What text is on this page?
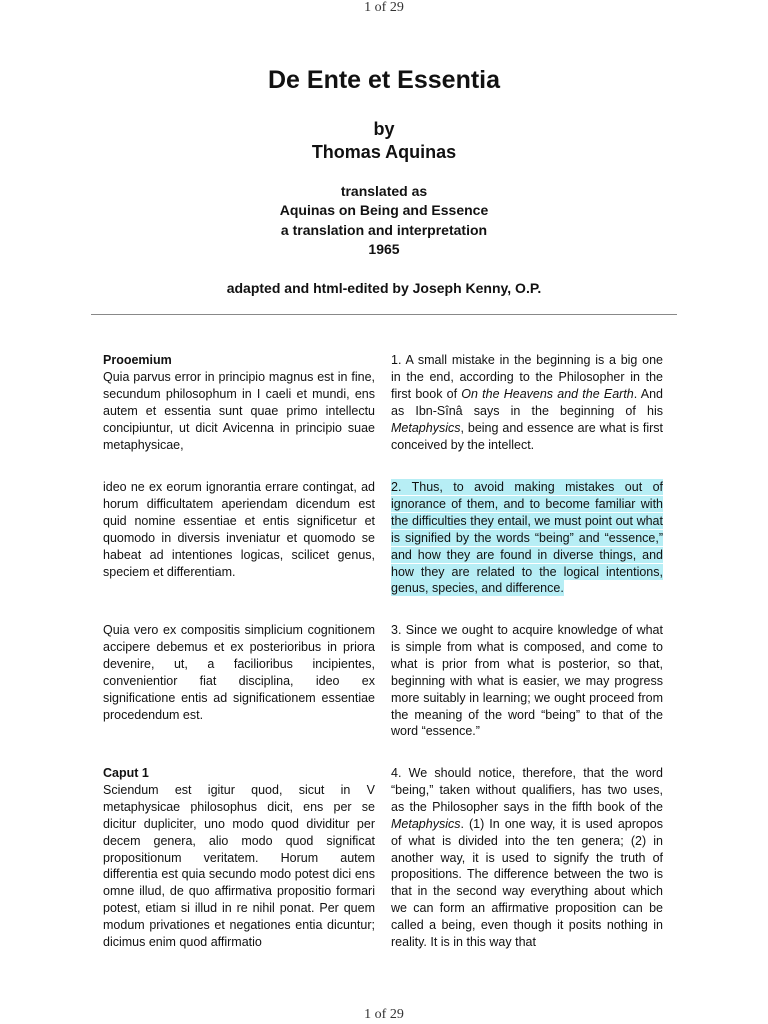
1 of 29
De Ente et Essentia
by
Thomas Aquinas
translated as
Aquinas on Being and Essence
a translation and interpretation
1965
adapted and html-edited by Joseph Kenny, O.P.
Prooemium
Quia parvus error in principio magnus est in fine, secundum philosophum in I caeli et mundi, ens autem et essentia sunt quae primo intellectu concipiuntur, ut dicit Avicenna in principio suae metaphysicae,
1. A small mistake in the beginning is a big one in the end, according to the Philosopher in the first book of On the Heavens and the Earth. And as Ibn-Sînâ says in the beginning of his Metaphysics, being and essence are what is first conceived by the intellect.
ideo ne ex eorum ignorantia errare contingat, ad horum difficultatem aperiendam dicendum est quid nomine essentiae et entis significetur et quomodo in diversis inveniatur et quomodo se habeat ad intentiones logicas, scilicet genus, speciem et differentiam.
2. Thus, to avoid making mistakes out of ignorance of them, and to become familiar with the difficulties they entail, we must point out what is signified by the words “being” and “essence,” and how they are found in diverse things, and how they are related to the logical intentions, genus, species, and difference.
Quia vero ex compositis simplicium cognitionem accipere debemus et ex posterioribus in priora devenire, ut, a facilioribus incipientes, convenientior fiat disciplina, ideo ex significatione entis ad significationem essentiae procedendum est.
3. Since we ought to acquire knowledge of what is simple from what is composed, and come to what is prior from what is posterior, so that, beginning with what is easier, we may progress more suitably in learning; we ought proceed from the meaning of the word “being” to that of the word “essence.”
Caput 1
Sciendum est igitur quod, sicut in V metaphysicae philosophus dicit, ens per se dicitur dupliciter, uno modo quod dividitur per decem genera, alio modo quod significat propositionum veritatem. Horum autem differentia est quia secundo modo potest dici ens omne illud, de quo affirmativa propositio formari potest, etiam si illud in re nihil ponat. Per quem modum privationes et negationes entia dicuntur; dicimus enim quod affirmatio
4. We should notice, therefore, that the word “being,” taken without qualifiers, has two uses, as the Philosopher says in the fifth book of the Metaphysics. (1) In one way, it is used apropos of what is divided into the ten genera; (2) in another way, it is used to signify the truth of propositions. The difference between the two is that in the second way everything about which we can form an affirmative proposition can be called a being, even though it posits nothing in reality. It is in this way that
1 of 29
